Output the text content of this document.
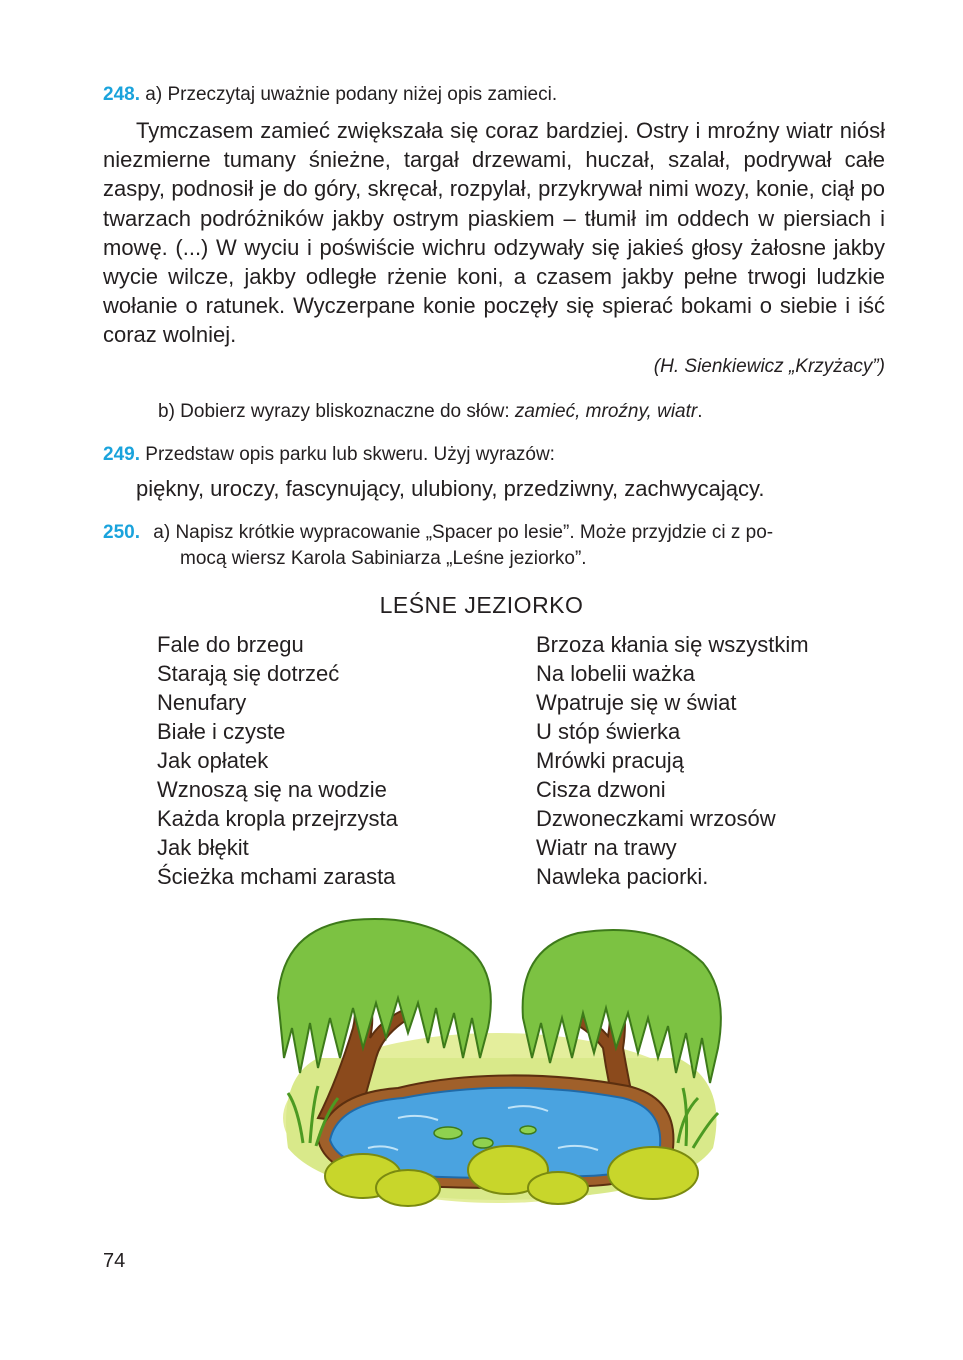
248. a) Przeczytaj uważnie podany niżej opis zamieci.

Tymczasem zamieć zwiększała się coraz bardziej. Ostry i mroźny wiatr niósł niezmierne tumany śnieżne, targał drzewami, huczał, szalał, podrywał całe zaspy, podnosił je do góry, skręcał, rozpylał, przykrywał nimi wozy, konie, ciął po twarzach podróżników jakby ostrym piaskiem – tłumił im oddech w piersiach i mowę. (...) W wyciu i poświście wichru odzywały się jakieś głosy żałosne jakby wycie wilcze, jakby odległe rżenie koni, a czasem jakby pełne trwogi ludzkie wołanie o ratunek. Wyczerpane konie poczęły się spierać bokami o siebie i iść coraz wolniej.

(H. Sienkiewicz „Krzyżacy”)
b) Dobierz wyrazy bliskoznaczne do słów: zamieć, mroźny, wiatr.
249. Przedstaw opis parku lub skweru. Użyj wyrazów:
piękny, uroczy, fascynujący, ulubiony, przedziwny, zachwycający.
250. a) Napisz krótkie wypracowanie „Spacer po lesie”. Może przyjdzie ci z po-
mocą wiersz Karola Sabiniarza „Leśne jeziorko”.
LEŚNE JEZIORKO
Fale do brzegu
Starają się dotrzeć
Nenufary
Białe i czyste
Jak opłatek
Wznoszą się na wodzie
Każda kropla przejrzysta
Jak błękit
Ścieżka mchami zarasta
Brzoza kłania się wszystkim
Na lobelii ważka
Wpatruje się w świat
U stóp świerka
Mrówki pracują
Cisza dzwoni
Dzwoneczkami wrzosów
Wiatr na trawy
Nawleka paciorki.
74
